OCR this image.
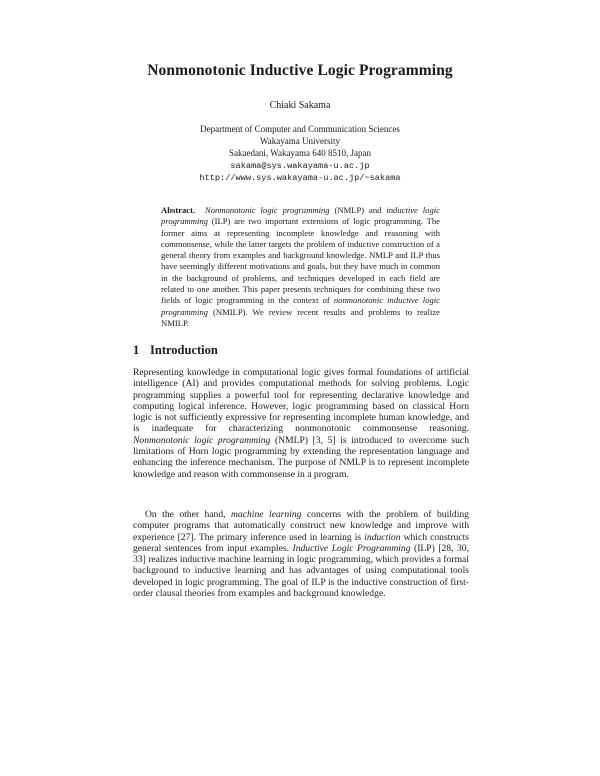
Nonmonotonic Inductive Logic Programming
Chiaki Sakama
Department of Computer and Communication Sciences
Wakayama University
Sakaedani, Wakayama 640 8510, Japan
sakama@sys.wakayama-u.ac.jp
http://www.sys.wakayama-u.ac.jp/~sakama
Abstract. Nonmonotonic logic programming (NMLP) and inductive logic programming (ILP) are two important extensions of logic programming. The former aims at representing incomplete knowledge and reasoning with commonsense, while the latter targets the problem of inductive construction of a general theory from examples and background knowledge. NMLP and ILP thus have seemingly different motivations and goals, but they have much in common in the background of problems, and techniques developed in each field are related to one another. This paper presents techniques for combining these two fields of logic programming in the context of nonmonotonic inductive logic programming (NMILP). We review recent results and problems to realize NMILP.
1 Introduction

Representing knowledge in computational logic gives formal foundations of artificial intelligence (AI) and provides computational methods for solving problems. Logic programming supplies a powerful tool for representing declarative knowledge and computing logical inference. However, logic programming based on classical Horn logic is not sufficiently expressive for representing incomplete human knowledge, and is inadequate for characterizing nonmonotonic commonsense reasoning. Nonmonotonic logic programming (NMLP) [3, 5] is introduced to overcome such limitations of Horn logic programming by extending the representation language and enhancing the inference mechanism. The purpose of NMLP is to represent incomplete knowledge and reason with commonsense in a program.

On the other hand, machine learning concerns with the problem of building computer programs that automatically construct new knowledge and improve with experience [27]. The primary inference used in learning is induction which constructs general sentences from input examples. Inductive Logic Programming (ILP) [28, 30, 33] realizes inductive machine learning in logic programming, which provides a formal background to inductive learning and has advantages of using computational tools developed in logic programming. The goal of ILP is the inductive construction of first-order clausal theories from examples and background knowledge.
